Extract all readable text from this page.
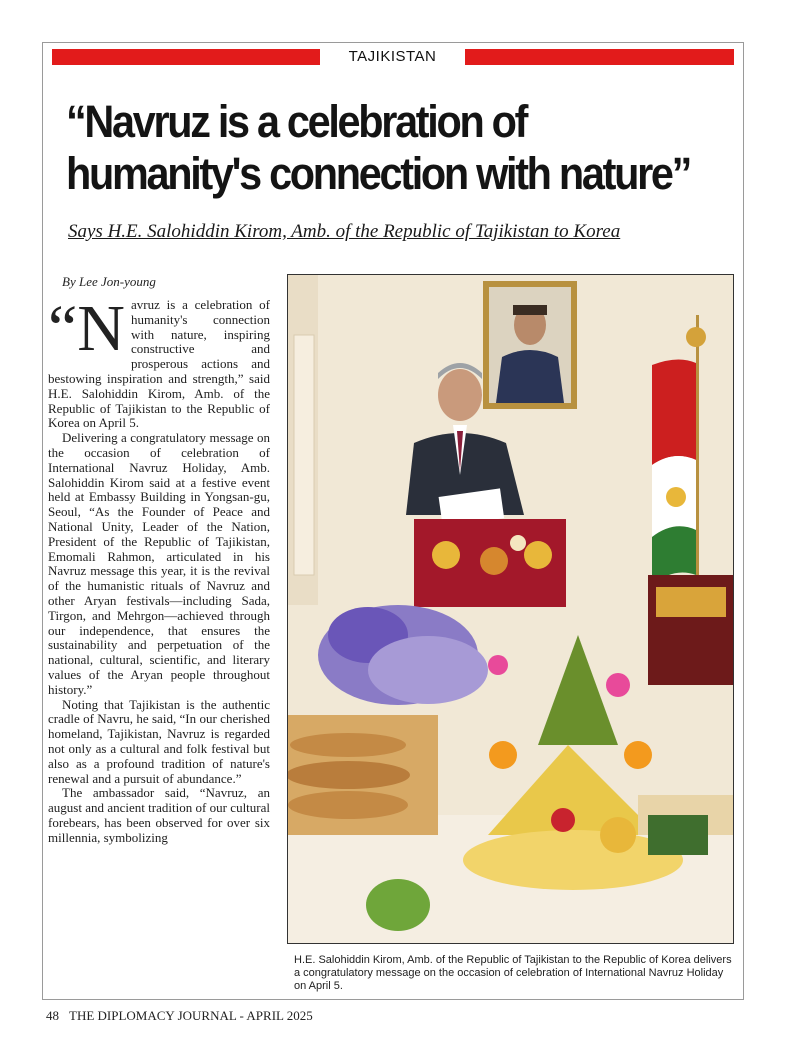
TAJIKISTAN
“Navruz is a celebration of humanity's connection with nature”
Says H.E. Salohiddin Kirom, Amb. of the Republic of Tajikistan to Korea
By Lee Jon-young

“Navruz is a celebration of humanity's connection with nature, inspiring constructive and prosperous actions and bestowing inspiration and strength,” said H.E. Salohiddin Kirom, Amb. of the Republic of Tajikistan to the Republic of Korea on April 5.

Delivering a congratulatory message on the occasion of celebration of International Navruz Holiday, Amb. Salohiddin Kirom said at a festive event held at Embassy Building in Yongsan-gu, Seoul, “As the Founder of Peace and National Unity, Leader of the Nation, President of the Republic of Tajikistan, Emomali Rahmon, articulated in his Navruz message this year, it is the revival of the humanistic rituals of Navruz and other Aryan festivals—including Sada, Tirgon, and Mehrgon—achieved through our independence, that ensures the sustainability and perpetuation of the national, cultural, scientific, and literary values of the Aryan people throughout history.”

Noting that Tajikistan is the authentic cradle of Navru, he said, “In our cherished homeland, Tajikistan, Navruz is regarded not only as a cultural and folk festival but also as a profound tradition of nature's renewal and a pursuit of abundance.”

The ambassador said, “Navruz, an august and ancient tradition of our cultural forebears, has been observed for over six millennia, symbolizing

H.E. Salohiddin Kirom, Amb. of the Republic of Tajikistan to the Republic of Korea delivers a congratulatory message on the occasion of celebration of International Navruz Holiday on April 5.
48 THE DIPLOMACY JOURNAL - APRIL 2025
